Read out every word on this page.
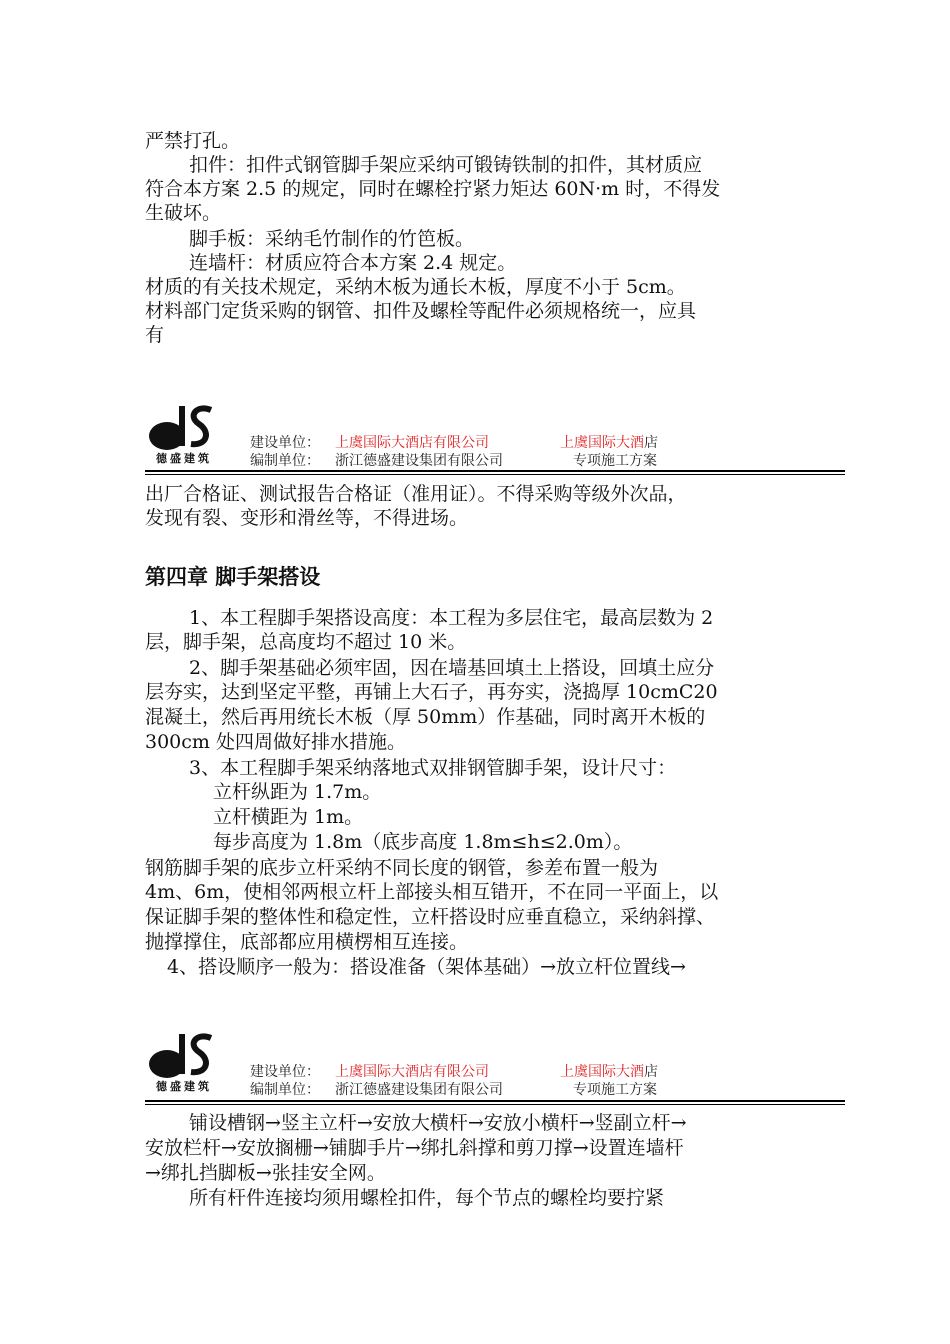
严禁打孔。
扣件：扣件式钢管脚手架应采纳可锻铸铁制的扣件，其材质应
符合本方案 2.5 的规定，同时在螺栓拧紧力矩达 60N·m 时，不得发
生破坏。
脚手板：采纳毛竹制作的竹笆板。
连墙杆：材质应符合本方案 2.4 规定。
材质的有关技术规定，采纳木板为通长木板，厚度不小于 5cm。
材料部门定货采购的钢管、扣件及螺栓等配件必须规格统一，应具
有
德盛建筑
建设单位： 上虞国际大酒店有限公司	上虞国际大酒店
编制单位： 浙江德盛建设集团有限公司	专项施工方案
出厂合格证、测试报告合格证（准用证）。不得采购等级外次品，
发现有裂、变形和滑丝等，不得进场。
第四章 脚手架搭设
1、本工程脚手架搭设高度：本工程为多层住宅，最高层数为 2
层，脚手架，总高度均不超过 10 米。
2、脚手架基础必须牢固，因在墙基回填土上搭设，回填土应分
层夯实，达到坚定平整，再铺上大石子，再夯实，浇捣厚 10cmC20
混凝土，然后再用统长木板（厚 50mm）作基础，同时离开木板的
300cm 处四周做好排水措施。
3、本工程脚手架采纳落地式双排钢管脚手架，设计尺寸：
立杆纵距为 1.7m。
立杆横距为 1m。
每步高度为 1.8m（底步高度 1.8m≤h≤2.0m）。
钢筋脚手架的底步立杆采纳不同长度的钢管，参差布置一般为
4m、6m，使相邻两根立杆上部接头相互错开，不在同一平面上，以
保证脚手架的整体性和稳定性，立杆搭设时应垂直稳立，采纳斜撑、
抛撑撑住，底部都应用横楞相互连接。
4、搭设顺序一般为：搭设准备（架体基础）→放立杆位置线→
德盛建筑
建设单位： 上虞国际大酒店有限公司	上虞国际大酒店
编制单位： 浙江德盛建设集团有限公司	专项施工方案
铺设槽钢→竖主立杆→安放大横杆→安放小横杆→竖副立杆→
安放栏杆→安放搁栅→铺脚手片→绑扎斜撑和剪刀撑→设置连墙杆
→绑扎挡脚板→张挂安全网。
所有杆件连接均须用螺栓扣件，每个节点的螺栓均要拧紧
